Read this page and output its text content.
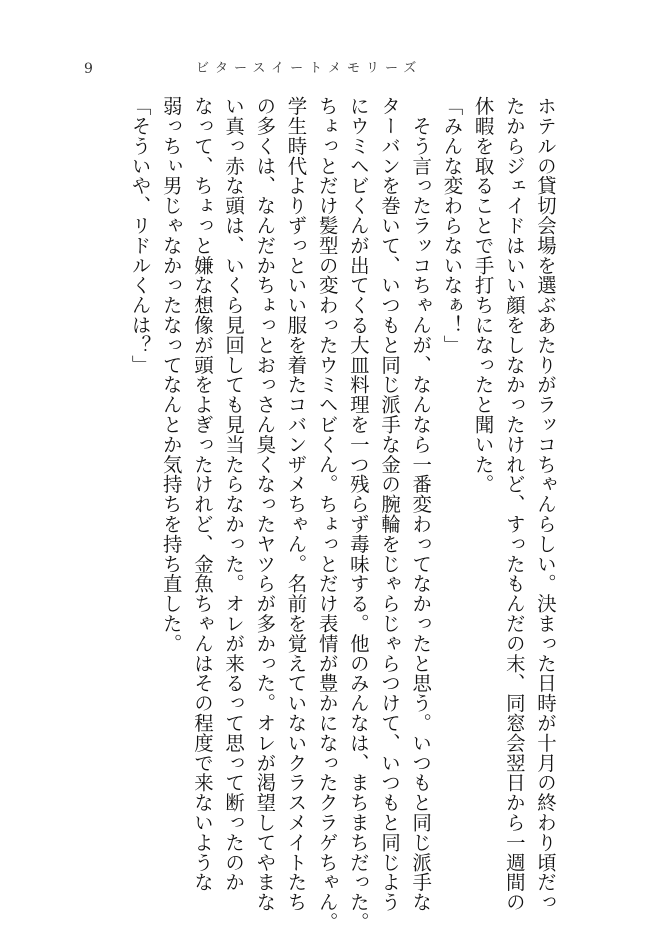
9	ビタースイートメモリーズ
ホテルの貸切会場を選ぶあたりがラッコちゃんらしい。決まった日時が十月の終わり頃だっ
たからジェイドはいい顔をしなかったけれど、すったもんだの末、同窓会翌日から一週間の
休暇を取ることで手打ちになったと聞いた。
「みんな変わらないなぁ！」
　そう言ったラッコちゃんが、なんなら一番変わってなかったと思う。いつもと同じ派手な
ターバンを巻いて、いつもと同じ派手な金の腕輪をじゃらじゃらつけて、いつもと同じよう
にウミヘビくんが出てくる大皿料理を一つ残らず毒味する。他のみんなは、まちまちだった。
ちょっとだけ髪型の変わったウミヘビくん。ちょっとだけ表情が豊かになったクラゲちゃん。
学生時代よりずっといい服を着たコバンザメちゃん。名前を覚えていないクラスメイトたち
の多くは、なんだかちょっとおっさん臭くなったヤツらが多かった。オレが渇望してやまな
い真っ赤な頭は、いくら見回しても見当たらなかった。オレが来るって思って断ったのか
なって、ちょっと嫌な想像が頭をよぎったけれど、金魚ちゃんはその程度で来ないような
弱っちぃ男じゃなかったなってなんとか気持ちを持ち直した。
「そういや、リドルくんは？」
